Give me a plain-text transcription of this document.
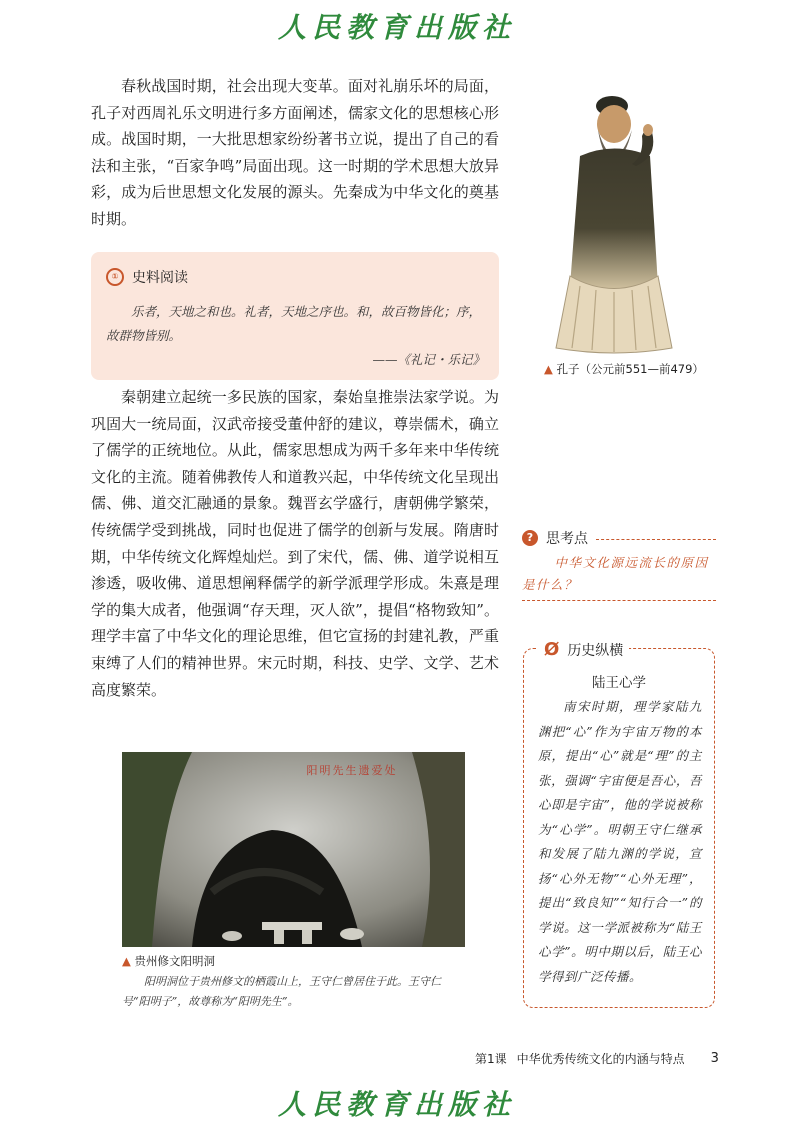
人民教育出版社

春秋战国时期，社会出现大变革。面对礼崩乐坏的局面，孔子对西周礼乐文明进行多方面阐述，儒家文化的思想核心形成。战国时期，一大批思想家纷纷著书立说，提出了自己的看法和主张，“百家争鸣”局面出现。这一时期的学术思想大放异彩，成为后世思想文化发展的源头。先秦成为中华文化的奠基时期。

① 史料阅读
乐者，天地之和也。礼者，天地之序也。和，故百物皆化；序，故群物皆别。
——《礼记・乐记》

秦朝建立起统一多民族的国家，秦始皇推崇法家学说。为巩固大一统局面，汉武帝接受董仲舒的建议，尊崇儒术，确立了儒学的正统地位。从此，儒家思想成为两千多年来中华传统文化的主流。随着佛教传人和道教兴起，中华传统文化呈现出儒、佛、道交汇融通的景象。魏晋玄学盛行，唐朝佛学繁荣，传统儒学受到挑战，同时也促进了儒学的创新与发展。隋唐时期，中华传统文化辉煌灿烂。到了宋代，儒、佛、道学说相互渗透，吸收佛、道思想阐释儒学的新学派理学形成。朱熹是理学的集大成者，他强调“存天理，灭人欲”，提倡“格物致知”。理学丰富了中华文化的理论思维，但它宣扬的封建礼教，严重束缚了人们的精神世界。宋元时期，科技、史学、文学、艺术高度繁荣。

▲ 孔子（公元前551—前479）
? 思考点
中华文化源远流长的原因是什么？
Ø 历史纵横
陆王心学
南宋时期，理学家陆九渊把“心”作为宇宙万物的本原，提出“心”就是“理”的主张，强调“宇宙便是吾心，吾心即是宇宙”，他的学说被称为“心学”。明朝王守仁继承和发展了陆九渊的学说，宣扬“心外无物”“心外无理”，提出“致良知”“知行合一”的学说。这一学派被称为“陆王心学”。明中期以后，陆王心学得到广泛传播。
阳明先生遗爱处
▲ 贵州修文阳明洞
阳明洞位于贵州修文的栖霞山上，王守仁曾居住于此。王守仁号“阳明子”，故尊称为“阳明先生”。
第1课 中华优秀传统文化的内涵与特点 3
人民教育出版社
